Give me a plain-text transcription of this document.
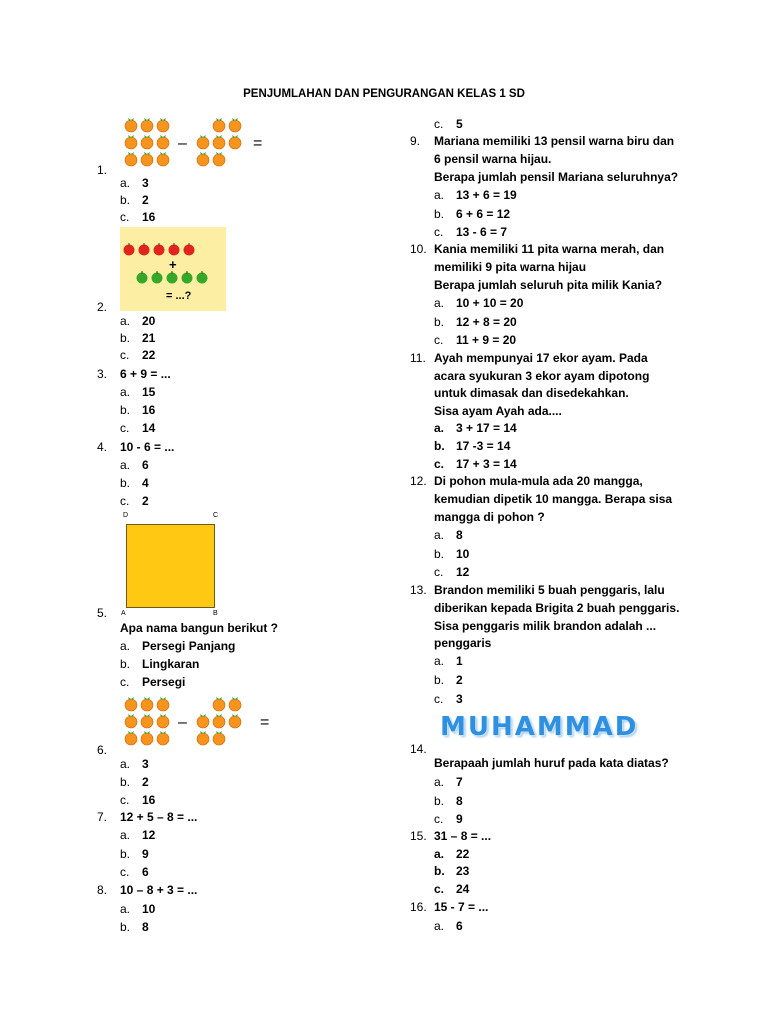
PENJUMLAHAN DAN PENGURANGAN KELAS 1 SD
–	=
1.
a. 3
b. 2
c. 16
+
= ...?
2.
a. 20
b. 21
c. 22
3. 6 + 9 = ...
a. 15
b. 16
c. 14
4. 10 - 6 = ...
a. 6
b. 4
c. 2
D	C
A	B
5.
Apa nama bangun berikut ?
a. Persegi Panjang
b. Lingkaran
c. Persegi
–	=
6.
a. 3
b. 2
c. 16
7. 12 + 5 – 8 = ...
a. 12
b. 9
c. 6
8. 10 – 8 + 3 = ...
a. 10
b. 8
c. 5
9. Mariana memiliki 13 pensil warna biru dan
6 pensil warna hijau.
Berapa jumlah pensil Mariana seluruhnya?
a. 13 + 6 = 19
b. 6 + 6 = 12
c. 13 - 6 = 7
10. Kania memiliki 11 pita warna merah, dan
memiliki 9 pita warna hijau
Berapa jumlah seluruh pita milik Kania?
a. 10 + 10 = 20
b. 12 + 8 = 20
c. 11 + 9 = 20
11. Ayah mempunyai 17 ekor ayam. Pada
acara syukuran 3 ekor ayam dipotong
untuk dimasak dan disedekahkan.
Sisa ayam Ayah ada....
a. 3 + 17 = 14
b. 17 -3 = 14
c. 17 + 3 = 14
12. Di pohon mula-mula ada 20 mangga,
kemudian dipetik 10 mangga. Berapa sisa
mangga di pohon ?
a. 8
b. 10
c. 12
13. Brandon memiliki 5 buah penggaris, lalu
diberikan kepada Brigita 2 buah penggaris.
Sisa penggaris milik brandon adalah ...
penggaris
a. 1
b. 2
c. 3
MUHAMMAD
14.
Berapaah jumlah huruf pada kata diatas?
a. 7
b. 8
c. 9
15. 31 – 8 = ...
a. 22
b. 23
c. 24
16. 15 - 7 = ...
a. 6
